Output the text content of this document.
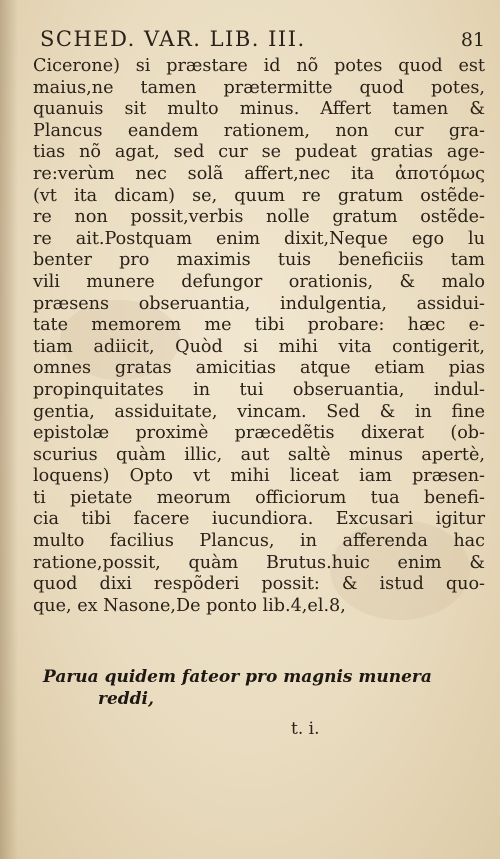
SCHED. VAR. LIB. III.	81
Cicerone) si præstare id nõ potes quod est
maius,ne tamen prætermitte quod potes,
quanuis sit multo minus. Affert tamen &
Plancus eandem rationem, non cur gra-
tias nõ agat, sed cur se pudeat gratias age-
re:verùm nec solã affert,nec ita ἀποτόμως
(vt ita dicam) se, quum re gratum ostẽde-
re non possit,verbis nolle gratum ostẽde-
re ait.Postquam enim dixit,Neque ego lu
benter pro maximis tuis beneficiis tam
vili munere defungor orationis, & malo
præsens obseruantia, indulgentia, assidui-
tate memorem me tibi probare: hæc e-
tiam adiicit, Quòd si mihi vita contigerit,
omnes gratas amicitias atque etiam pias
propinquitates in tui obseruantia, indul-
gentia, assiduitate, vincam. Sed & in fine
epistolæ proximè præcedẽtis dixerat (ob-
scurius quàm illic, aut saltè minus apertè,
loquens) Opto vt mihi liceat iam præsen-
ti pietate meorum officiorum tua benefi-
cia tibi facere iucundiora. Excusari igitur
multo facilius Plancus, in afferenda hac
ratione,possit, quàm Brutus.huic enim &
quod dixi respõderi possit: & istud quo-
que, ex Nasone,De ponto lib.4,el.8,
Parua quidem fateor pro magnis munera
reddi,
t. i.
